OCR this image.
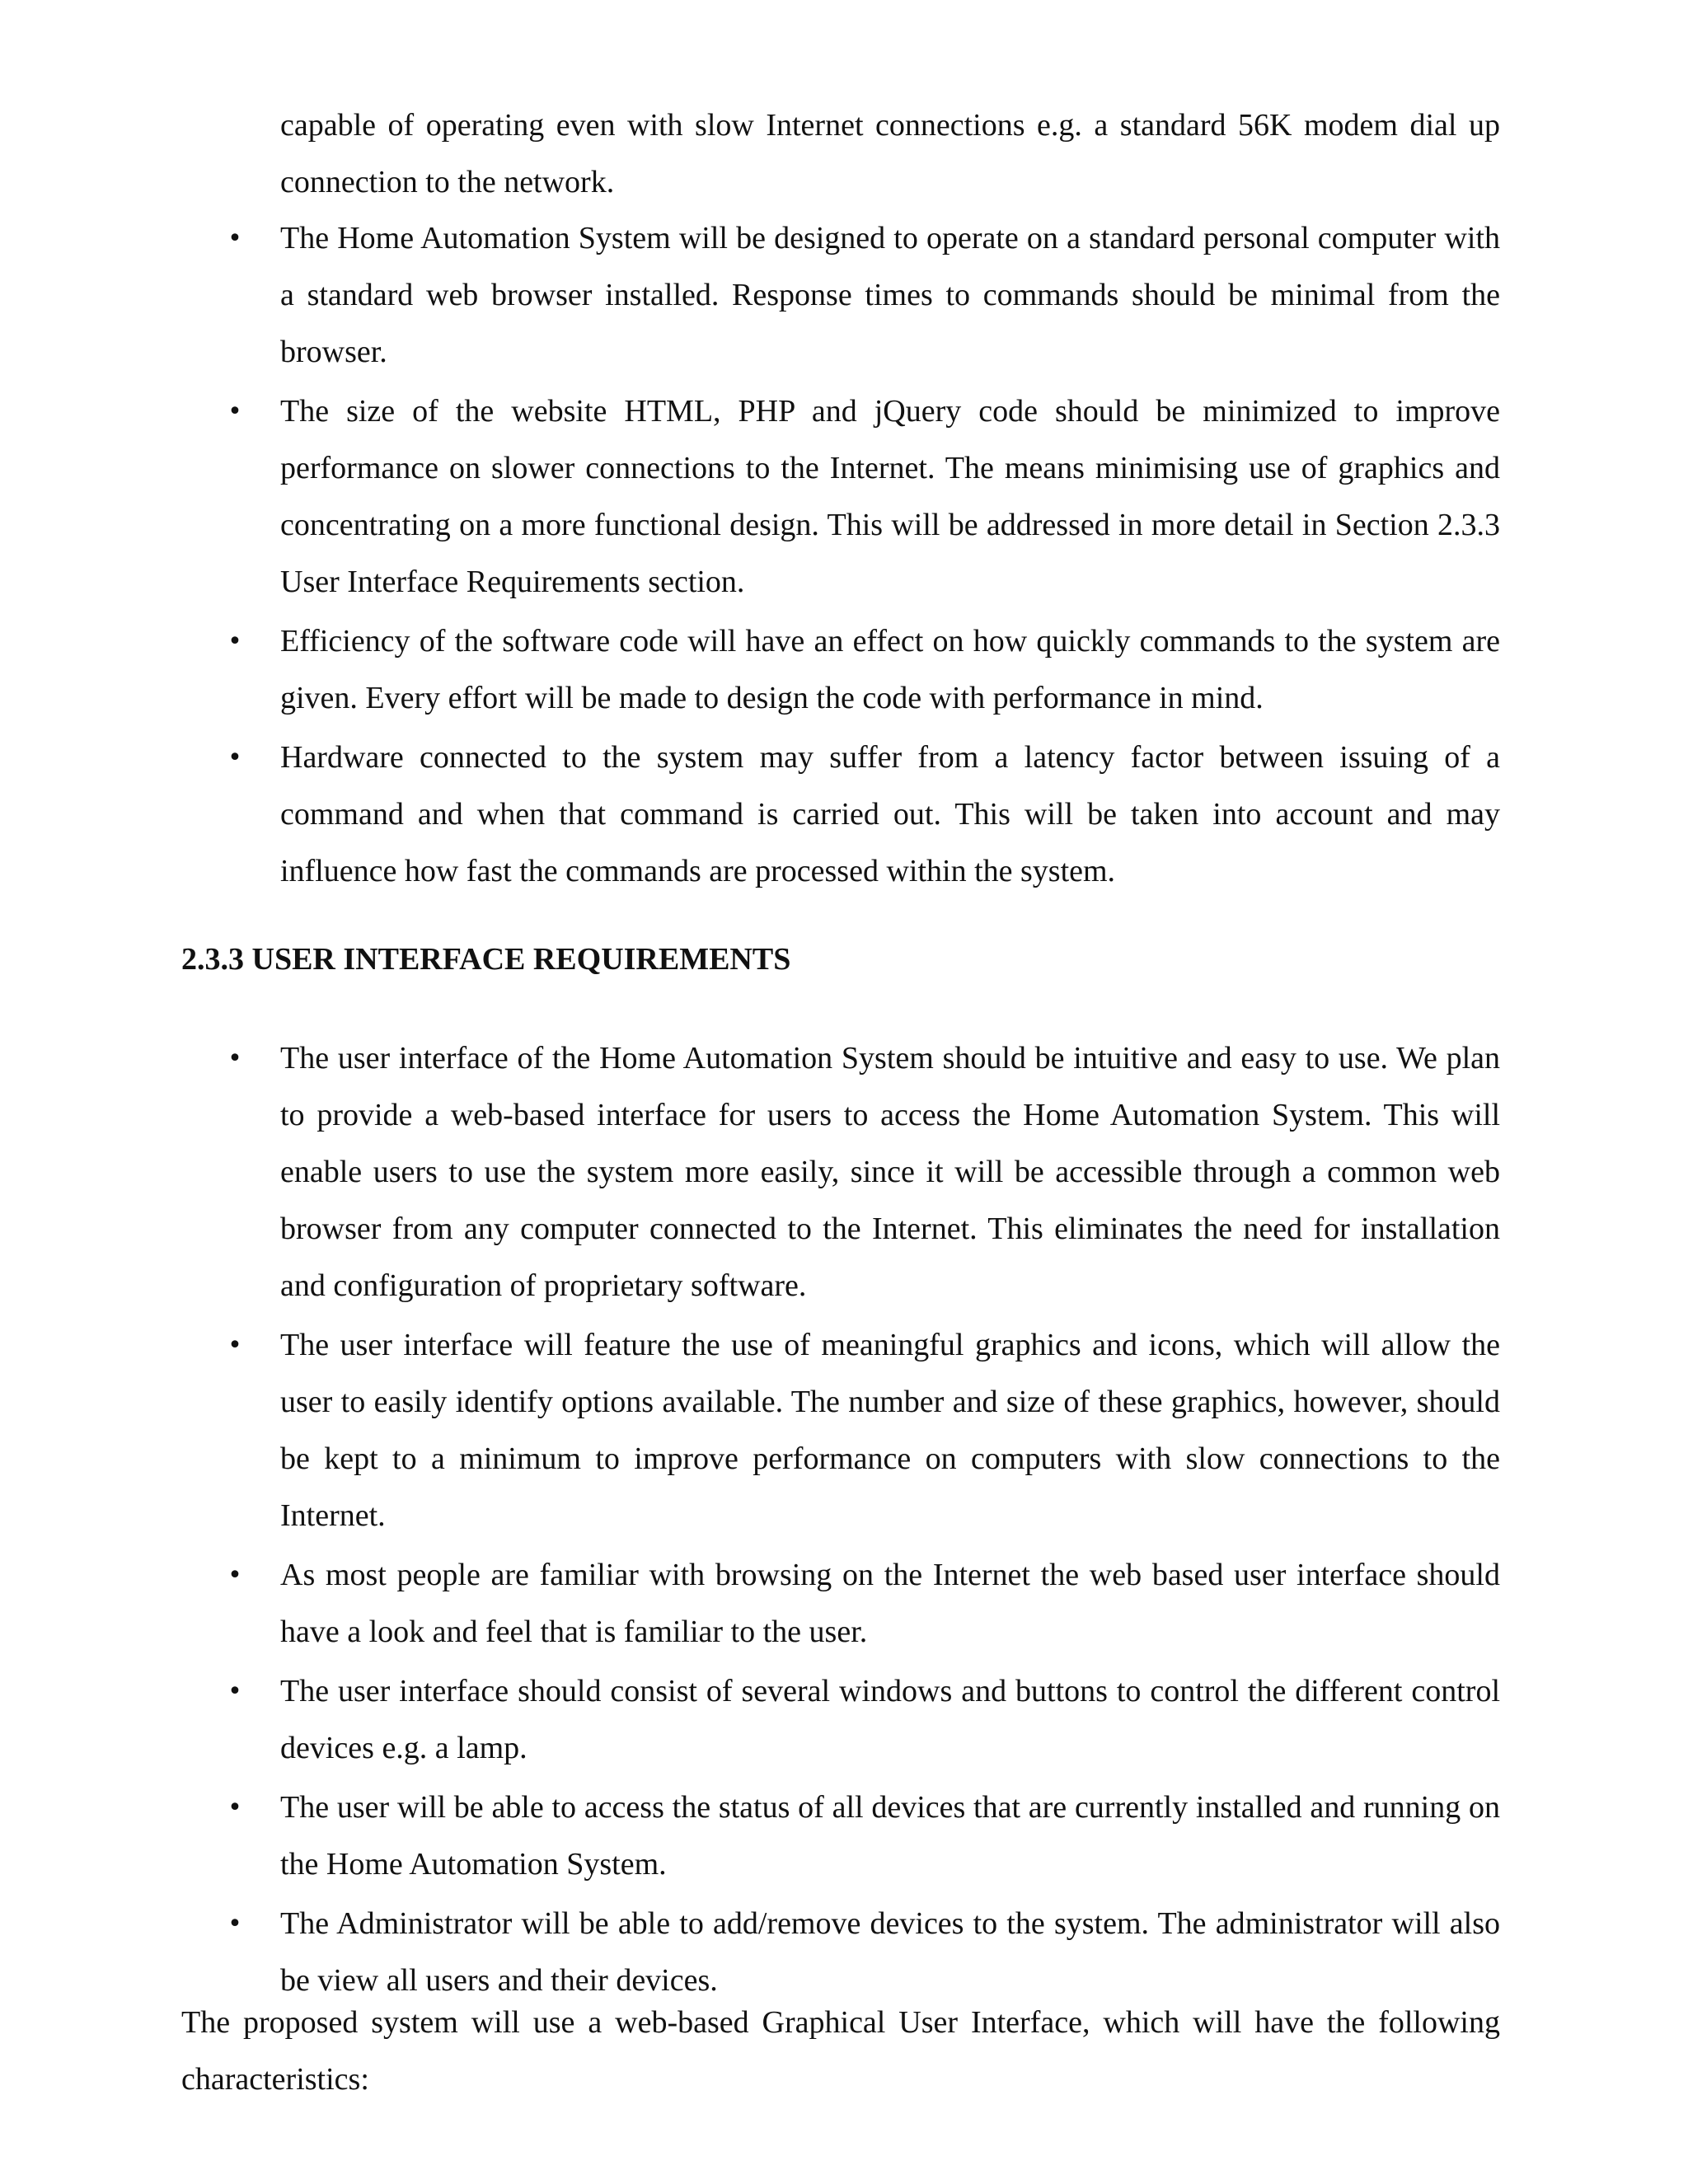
capable of operating even with slow Internet connections e.g. a standard 56K modem dial up connection to the network.

• The Home Automation System will be designed to operate on a standard personal computer with a standard web browser installed. Response times to commands should be minimal from the browser.
• The size of the website HTML, PHP and jQuery code should be minimized to improve performance on slower connections to the Internet. The means minimising use of graphics and concentrating on a more functional design. This will be addressed in more detail in Section 2.3.3 User Interface Requirements section.
• Efficiency of the software code will have an effect on how quickly commands to the system are given. Every effort will be made to design the code with performance in mind.
• Hardware connected to the system may suffer from a latency factor between issuing of a command and when that command is carried out. This will be taken into account and may influence how fast the commands are processed within the system.
2.3.3 USER INTERFACE REQUIREMENTS
• The user interface of the Home Automation System should be intuitive and easy to use. We plan to provide a web-based interface for users to access the Home Automation System. This will enable users to use the system more easily, since it will be accessible through a common web browser from any computer connected to the Internet. This eliminates the need for installation and configuration of proprietary software.
• The user interface will feature the use of meaningful graphics and icons, which will allow the user to easily identify options available. The number and size of these graphics, however, should be kept to a minimum to improve performance on computers with slow connections to the Internet.
• As most people are familiar with browsing on the Internet the web based user interface should have a look and feel that is familiar to the user.
• The user interface should consist of several windows and buttons to control the different control devices e.g. a lamp.
• The user will be able to access the status of all devices that are currently installed and running on the Home Automation System.
• The Administrator will be able to add/remove devices to the system. The administrator will also be view all users and their devices.

The proposed system will use a web-based Graphical User Interface, which will have the following characteristics:
